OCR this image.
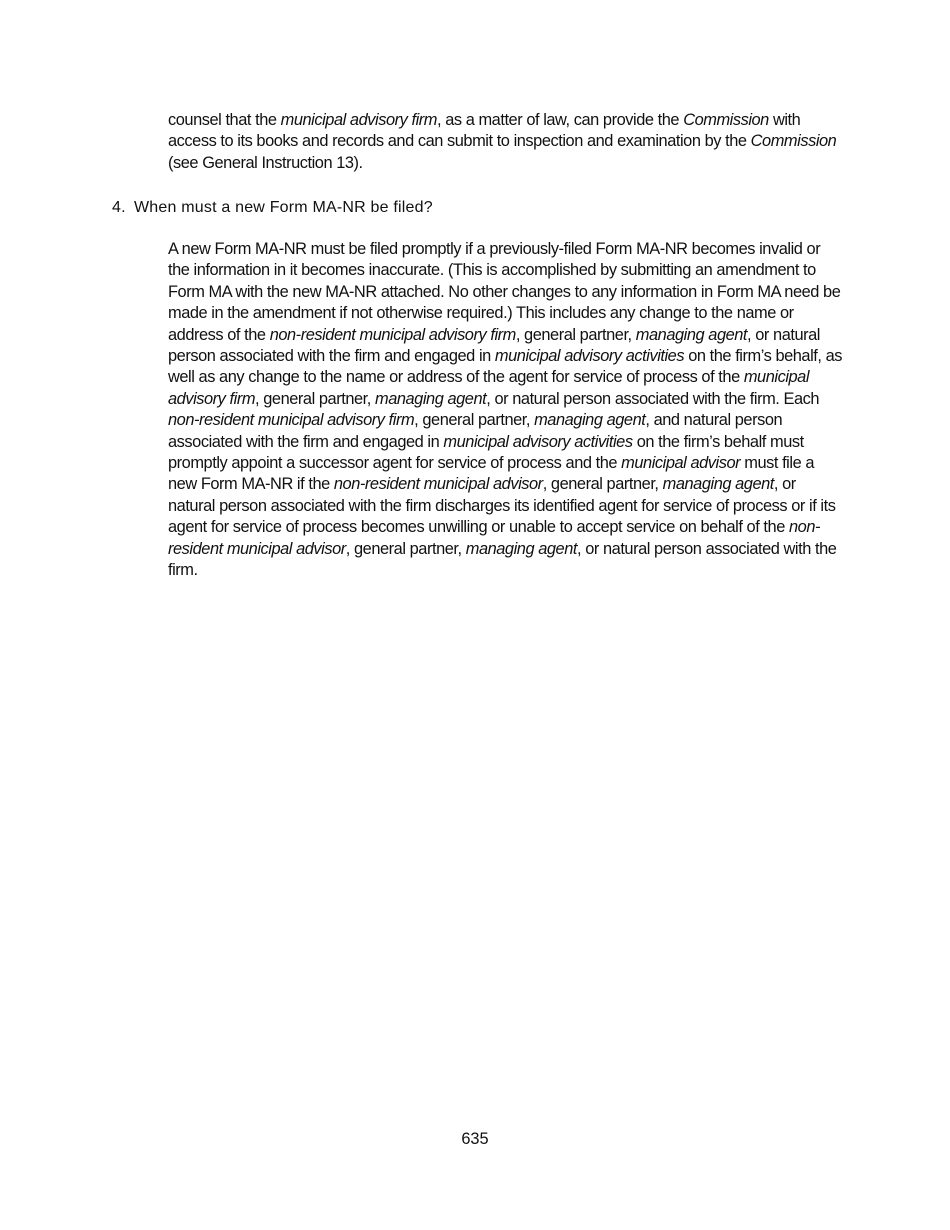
counsel that the municipal advisory firm, as a matter of law, can provide the Commission with access to its books and records and can submit to inspection and examination by the Commission (see General Instruction 13).

4. When must a new Form MA-NR be filed?

A new Form MA-NR must be filed promptly if a previously-filed Form MA-NR becomes invalid or the information in it becomes inaccurate. (This is accomplished by submitting an amendment to Form MA with the new MA-NR attached. No other changes to any information in Form MA need be made in the amendment if not otherwise required.) This includes any change to the name or address of the non-resident municipal advisory firm, general partner, managing agent, or natural person associated with the firm and engaged in municipal advisory activities on the firm’s behalf, as well as any change to the name or address of the agent for service of process of the municipal advisory firm, general partner, managing agent, or natural person associated with the firm. Each non-resident municipal advisory firm, general partner, managing agent, and natural person associated with the firm and engaged in municipal advisory activities on the firm’s behalf must promptly appoint a successor agent for service of process and the municipal advisor must file a new Form MA-NR if the non-resident municipal advisor, general partner, managing agent, or natural person associated with the firm discharges its identified agent for service of process or if its agent for service of process becomes unwilling or unable to accept service on behalf of the non-resident municipal advisor, general partner, managing agent, or natural person associated with the firm.

635
